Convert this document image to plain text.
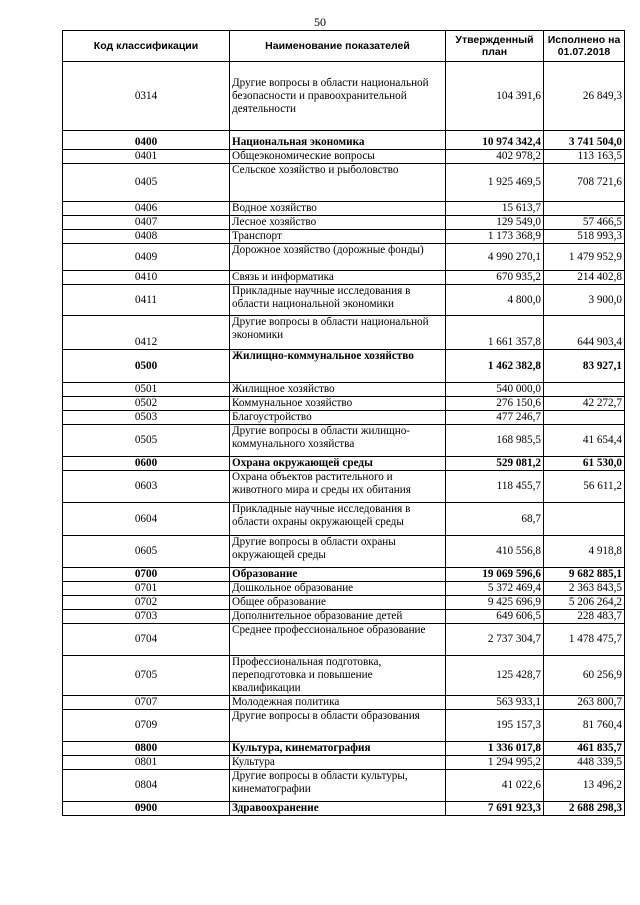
50
Код классификации	Наименование показателей	Утвержденный план	Исполнено на 01.07.2018
0314	Другие вопросы в области национальной безопасности и правоохранительной деятельности	104 391,6	26 849,3
0400	Национальная экономика	10 974 342,4	3 741 504,0
0401	Общеэкономические вопросы	402 978,2	113 163,5
0405	Сельское хозяйство и рыболовство	1 925 469,5	708 721,6
0406	Водное хозяйство	15 613,7	
0407	Лесное хозяйство	129 549,0	57 466,5
0408	Транспорт	1 173 368,9	518 993,3
0409	Дорожное хозяйство (дорожные фонды)	4 990 270,1	1 479 952,9
0410	Связь и информатика	670 935,2	214 402,8
0411	Прикладные научные исследования в области национальной экономики	4 800,0	3 900,0
0412	Другие вопросы в области национальной экономики	1 661 357,8	644 903,4
0500	Жилищно-коммунальное хозяйство	1 462 382,8	83 927,1
0501	Жилищное хозяйство	540 000,0	
0502	Коммунальное хозяйство	276 150,6	42 272,7
0503	Благоустройство	477 246,7	
0505	Другие вопросы в области жилищно-коммунального хозяйства	168 985,5	41 654,4
0600	Охрана окружающей среды	529 081,2	61 530,0
0603	Охрана объектов растительного и животного мира и среды их обитания	118 455,7	56 611,2
0604	Прикладные научные исследования в области охраны окружающей среды	68,7	
0605	Другие вопросы в области охраны окружающей среды	410 556,8	4 918,8
0700	Образование	19 069 596,6	9 682 885,1
0701	Дошкольное образование	5 372 469,4	2 363 843,5
0702	Общее образование	9 425 696,9	5 206 264,2
0703	Дополнительное образование детей	649 606,5	228 483,7
0704	Среднее профессиональное образование	2 737 304,7	1 478 475,7
0705	Профессиональная подготовка, переподготовка и повышение квалификации	125 428,7	60 256,9
0707	Молодежная политика	563 933,1	263 800,7
0709	Другие вопросы в области образования	195 157,3	81 760,4
0800	Культура, кинематография	1 336 017,8	461 835,7
0801	Культура	1 294 995,2	448 339,5
0804	Другие вопросы в области культуры, кинематографии	41 022,6	13 496,2
0900	Здравоохранение	7 691 923,3	2 688 298,3
